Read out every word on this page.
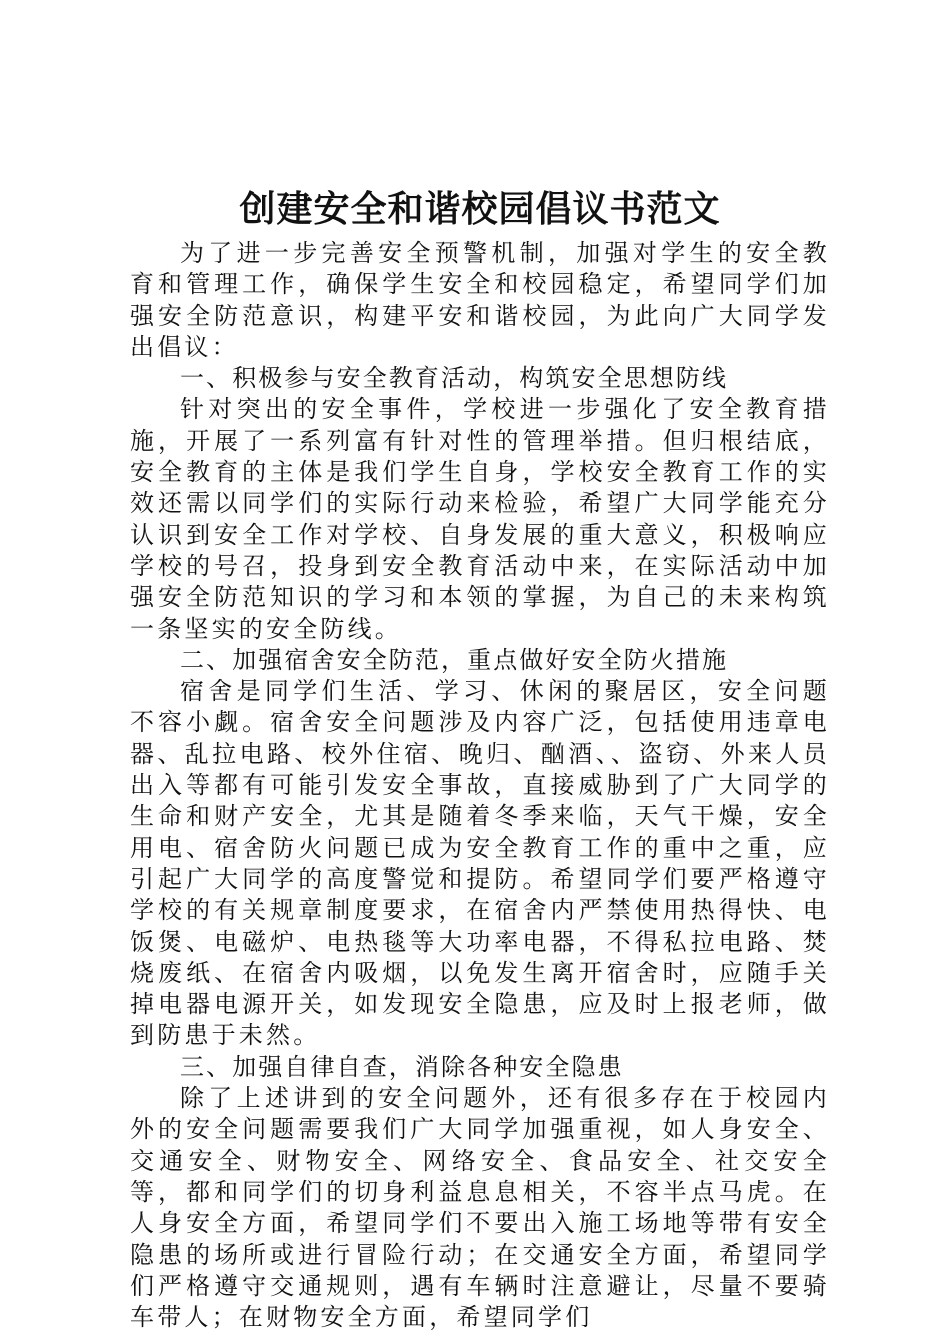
创建安全和谐校园倡议书范文

为了进一步完善安全预警机制，加强对学生的安全教育和管理工作，确保学生安全和校园稳定，希望同学们加强安全防范意识，构建平安和谐校园，为此向广大同学发出倡议：

一、积极参与安全教育活动，构筑安全思想防线

针对突出的安全事件，学校进一步强化了安全教育措施，开展了一系列富有针对性的管理举措。但归根结底，安全教育的主体是我们学生自身，学校安全教育工作的实效还需以同学们的实际行动来检验，希望广大同学能充分认识到安全工作对学校、自身发展的重大意义，积极响应学校的号召，投身到安全教育活动中来，在实际活动中加强安全防范知识的学习和本领的掌握，为自己的未来构筑一条坚实的安全防线。

二、加强宿舍安全防范，重点做好安全防火措施

宿舍是同学们生活、学习、休闲的聚居区，安全问题不容小觑。宿舍安全问题涉及内容广泛，包括使用违章电器、乱拉电路、校外住宿、晚归、酗酒、、盗窃、外来人员出入等都有可能引发安全事故，直接威胁到了广大同学的生命和财产安全，尤其是随着冬季来临，天气干燥，安全用电、宿舍防火问题已成为安全教育工作的重中之重，应引起广大同学的高度警觉和提防。希望同学们要严格遵守学校的有关规章制度要求，在宿舍内严禁使用热得快、电饭煲、电磁炉、电热毯等大功率电器，不得私拉电路、焚烧废纸、在宿舍内吸烟，以免发生离开宿舍时，应随手关掉电器电源开关，如发现安全隐患，应及时上报老师，做到防患于未然。

三、加强自律自查，消除各种安全隐患

除了上述讲到的安全问题外，还有很多存在于校园内外的安全问题需要我们广大同学加强重视，如人身安全、交通安全、财物安全、网络安全、食品安全、社交安全等，都和同学们的切身利益息息相关，不容半点马虎。在人身安全方面，希望同学们不要出入施工场地等带有安全隐患的场所或进行冒险行动；在交通安全方面，希望同学们严格遵守交通规则，遇有车辆时注意避让，尽量不要骑车带人；在财物安全方面，希望同学们
